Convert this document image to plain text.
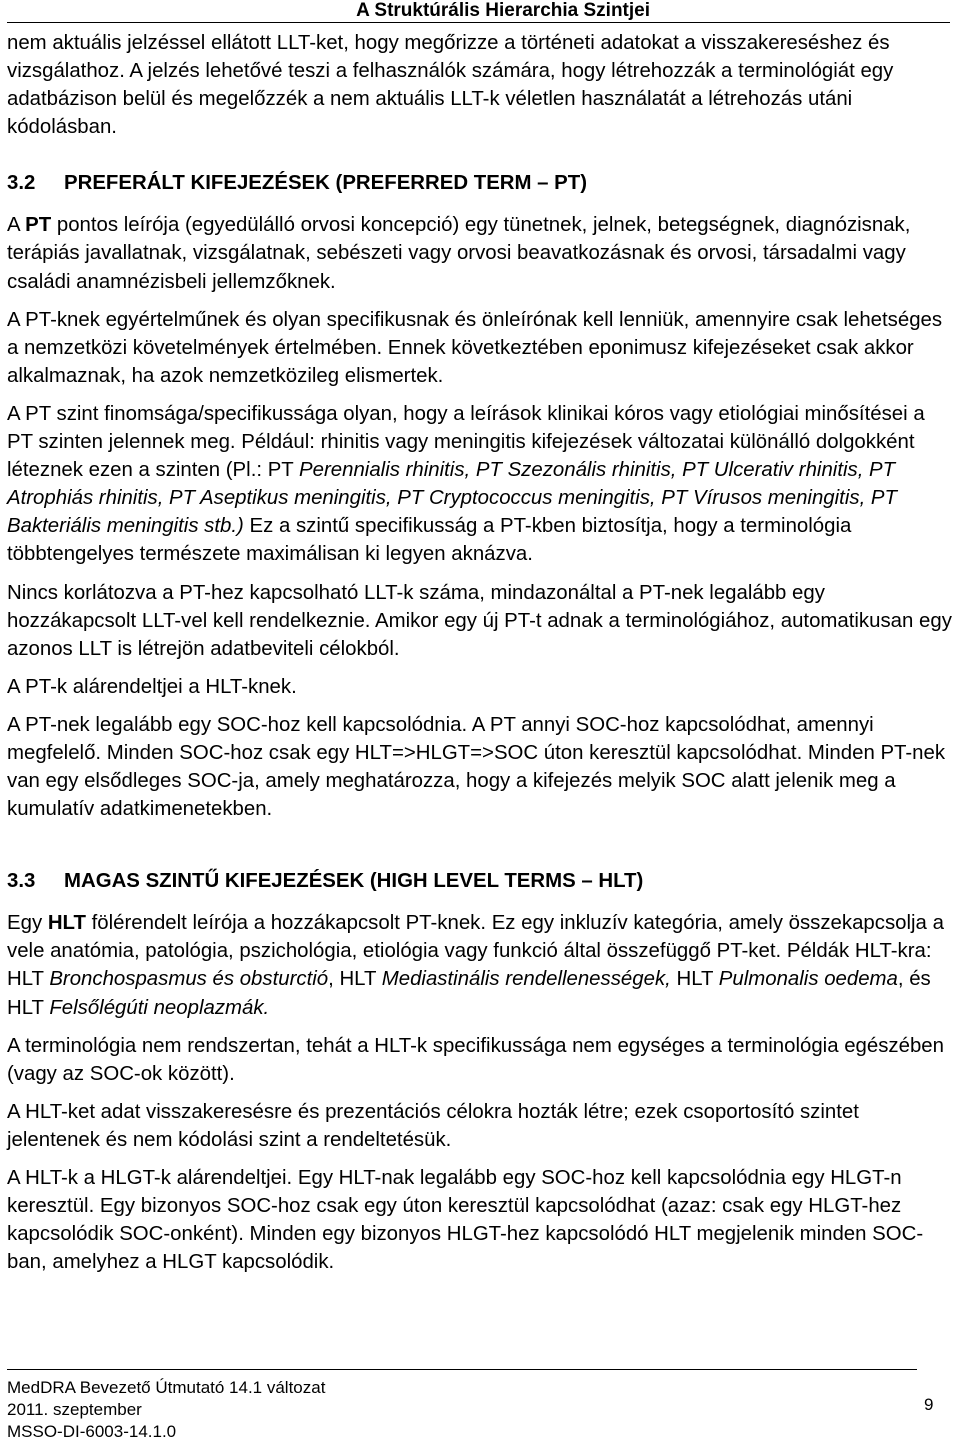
A Struktúrális Hierarchia Szintjei

nem aktuális jelzéssel ellátott LLT-ket, hogy megőrizze a történeti adatokat a visszakereséshez és vizsgálathoz. A jelzés lehetővé teszi a felhasználók számára, hogy létrehozzák a terminológiát egy adatbázison belül és megelőzzék a nem aktuális LLT-k véletlen használatát a létrehozás utáni kódolásban.

3.2 PREFERÁLT KIFEJEZÉSEK (PREFERRED TERM – PT)

A PT pontos leírója (egyedülálló orvosi koncepció) egy tünetnek, jelnek, betegségnek, diagnózisnak, terápiás javallatnak, vizsgálatnak, sebészeti vagy orvosi beavatkozásnak és orvosi, társadalmi vagy családi anamnézisbeli jellemzőknek.

A PT-knek egyértelműnek és olyan specifikusnak és önleírónak kell lenniük, amennyire csak lehetséges a nemzetközi követelmények értelmében. Ennek következtében eponimusz kifejezéseket csak akkor alkalmaznak, ha azok nemzetközileg elismertek.

A PT szint finomsága/specifikussága olyan, hogy a leírások klinikai kóros vagy etiológiai minősítései a PT szinten jelennek meg. Például: rhinitis vagy meningitis kifejezések változatai különálló dolgokként léteznek ezen a szinten (Pl.: PT Perennialis rhinitis, PT Szezonális rhinitis, PT Ulcerativ rhinitis, PT Atrophiás rhinitis, PT Aseptikus meningitis, PT Cryptococcus meningitis, PT Vírusos meningitis, PT Bakteriális meningitis stb.) Ez a szintű specifikusság a PT-kben biztosítja, hogy a terminológia többtengelyes természete maximálisan ki legyen aknázva.

Nincs korlátozva a PT-hez kapcsolható LLT-k száma, mindazonáltal a PT-nek legalább egy hozzákapcsolt LLT-vel kell rendelkeznie. Amikor egy új PT-t adnak a terminológiához, automatikusan egy azonos LLT is létrejön adatbeviteli célokból.

A PT-k alárendeltjei a HLT-knek.

A PT-nek legalább egy SOC-hoz kell kapcsolódnia. A PT annyi SOC-hoz kapcsolódhat, amennyi megfelelő. Minden SOC-hoz csak egy HLT=>HLGT=>SOC úton keresztül kapcsolódhat. Minden PT-nek van egy elsődleges SOC-ja, amely meghatározza, hogy a kifejezés melyik SOC alatt jelenik meg a kumulatív adatkimenetekben.

3.3 MAGAS SZINTŰ KIFEJEZÉSEK (HIGH LEVEL TERMS – HLT)

Egy HLT fölérendelt leírója a hozzákapcsolt PT-knek. Ez egy inkluzív kategória, amely összekapcsolja a vele anatómia, patológia, pszichológia, etiológia vagy funkció által összefüggő PT-ket. Példák HLT-kra: HLT Bronchospasmus és obsturctió, HLT Mediastinális rendellenességek, HLT Pulmonalis oedema, és HLT Felsőlégúti neoplazmák.

A terminológia nem rendszertan, tehát a HLT-k specifikussága nem egységes a terminológia egészében (vagy az SOC-ok között).

A HLT-ket adat visszakeresésre és prezentációs célokra hozták létre; ezek csoportosító szintet jelentenek és nem kódolási szint a rendeltetésük.

A HLT-k a HLGT-k alárendeltjei. Egy HLT-nak legalább egy SOC-hoz kell kapcsolódnia egy HLGT-n keresztül. Egy bizonyos SOC-hoz csak egy úton keresztül kapcsolódhat (azaz: csak egy HLGT-hez kapcsolódik SOC-onként). Minden egy bizonyos HLGT-hez kapcsolódó HLT megjelenik minden SOC-ban, amelyhez a HLGT kapcsolódik.

MedDRA Bevezető Útmutató 14.1 változat
2011. szeptember
MSSO-DI-6003-14.1.0
9
